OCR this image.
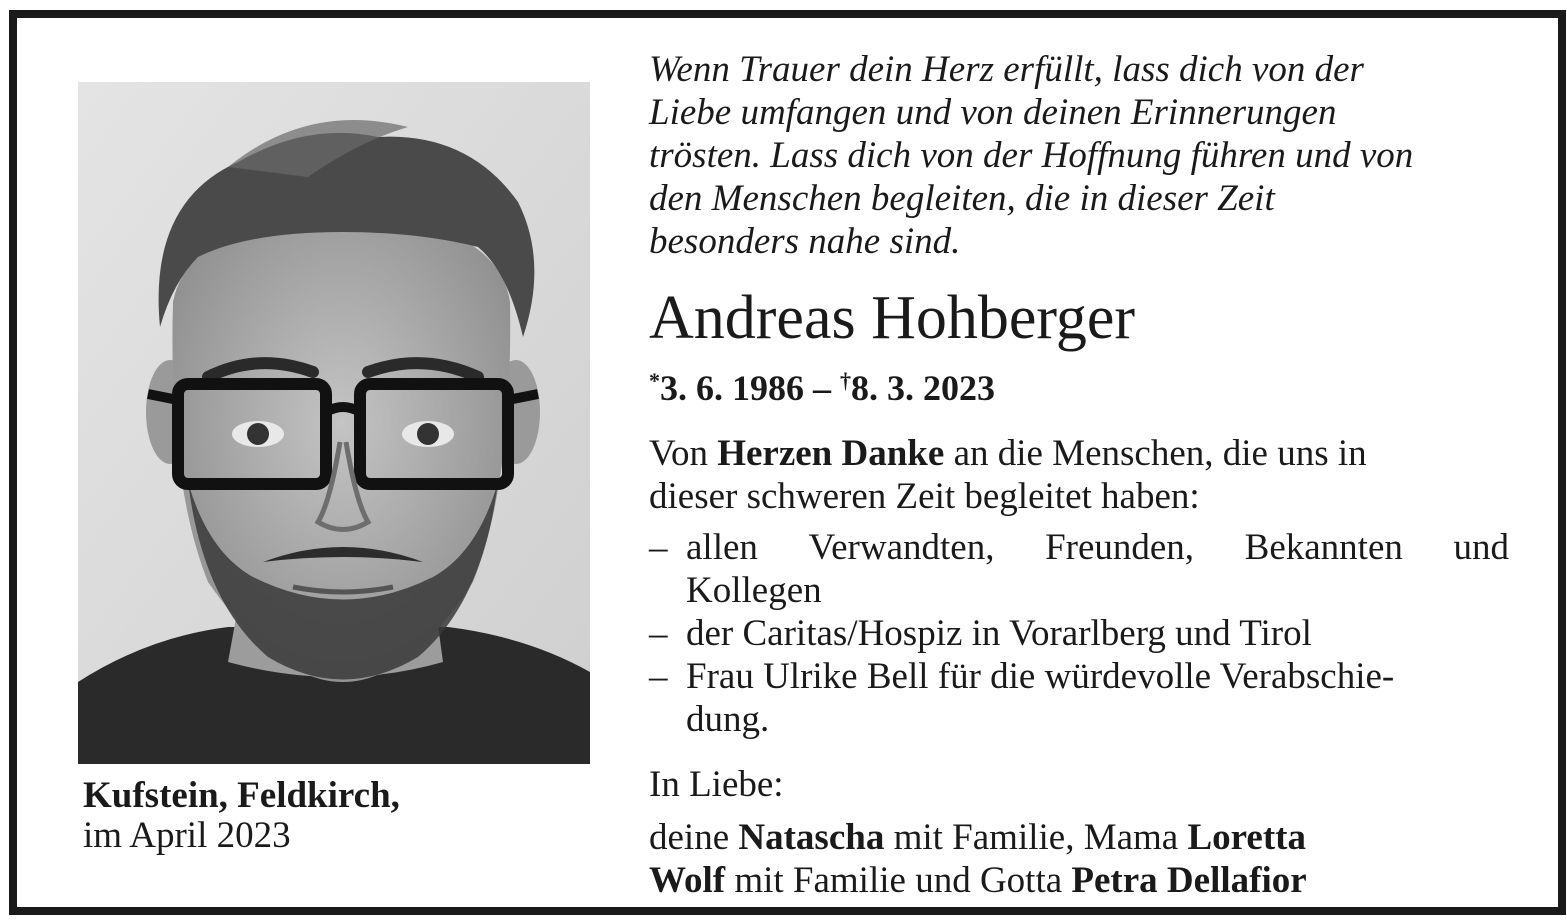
Kufstein, Feldkirch,
im April 2023
Wenn Trauer dein Herz erfüllt, lass dich von der
Liebe umfangen und von deinen Erinnerungen
trösten. Lass dich von der Hoffnung führen und von
den Menschen begleiten, die in dieser Zeit
besonders nahe sind.
Andreas Hohberger
*3. 6. 1986 – †8. 3. 2023
Von Herzen Danke an die Menschen, die uns in
dieser schweren Zeit begleitet haben:
– allen Verwandten, Freunden, Bekannten und
Kollegen
– der Caritas/Hospiz in Vorarlberg und Tirol
– Frau Ulrike Bell für die würdevolle Verabschie-
dung.
In Liebe:
deine Natascha mit Familie, Mama Loretta
Wolf mit Familie und Gotta Petra Dellafior
